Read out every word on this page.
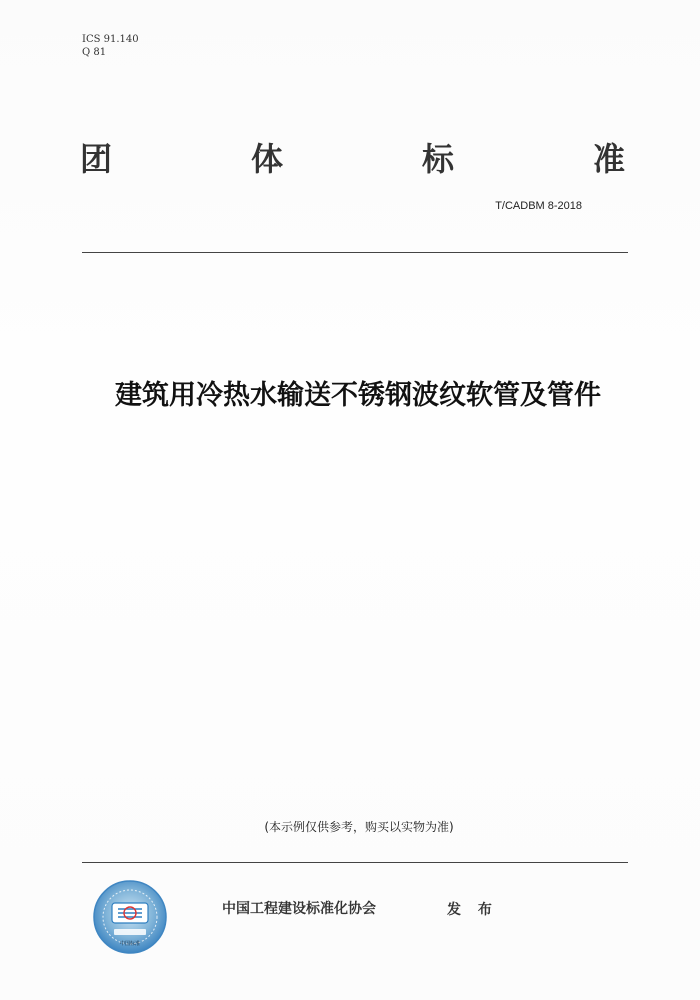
ICS 91.140
Q 81
团	体	标	准
T/CADBM 8-2018
建筑用冷热水输送不锈钢波纹软管及管件
(本示例仅供参考，购买以实物为准)
中国标准
中国工程建设标准化协会	发 布
